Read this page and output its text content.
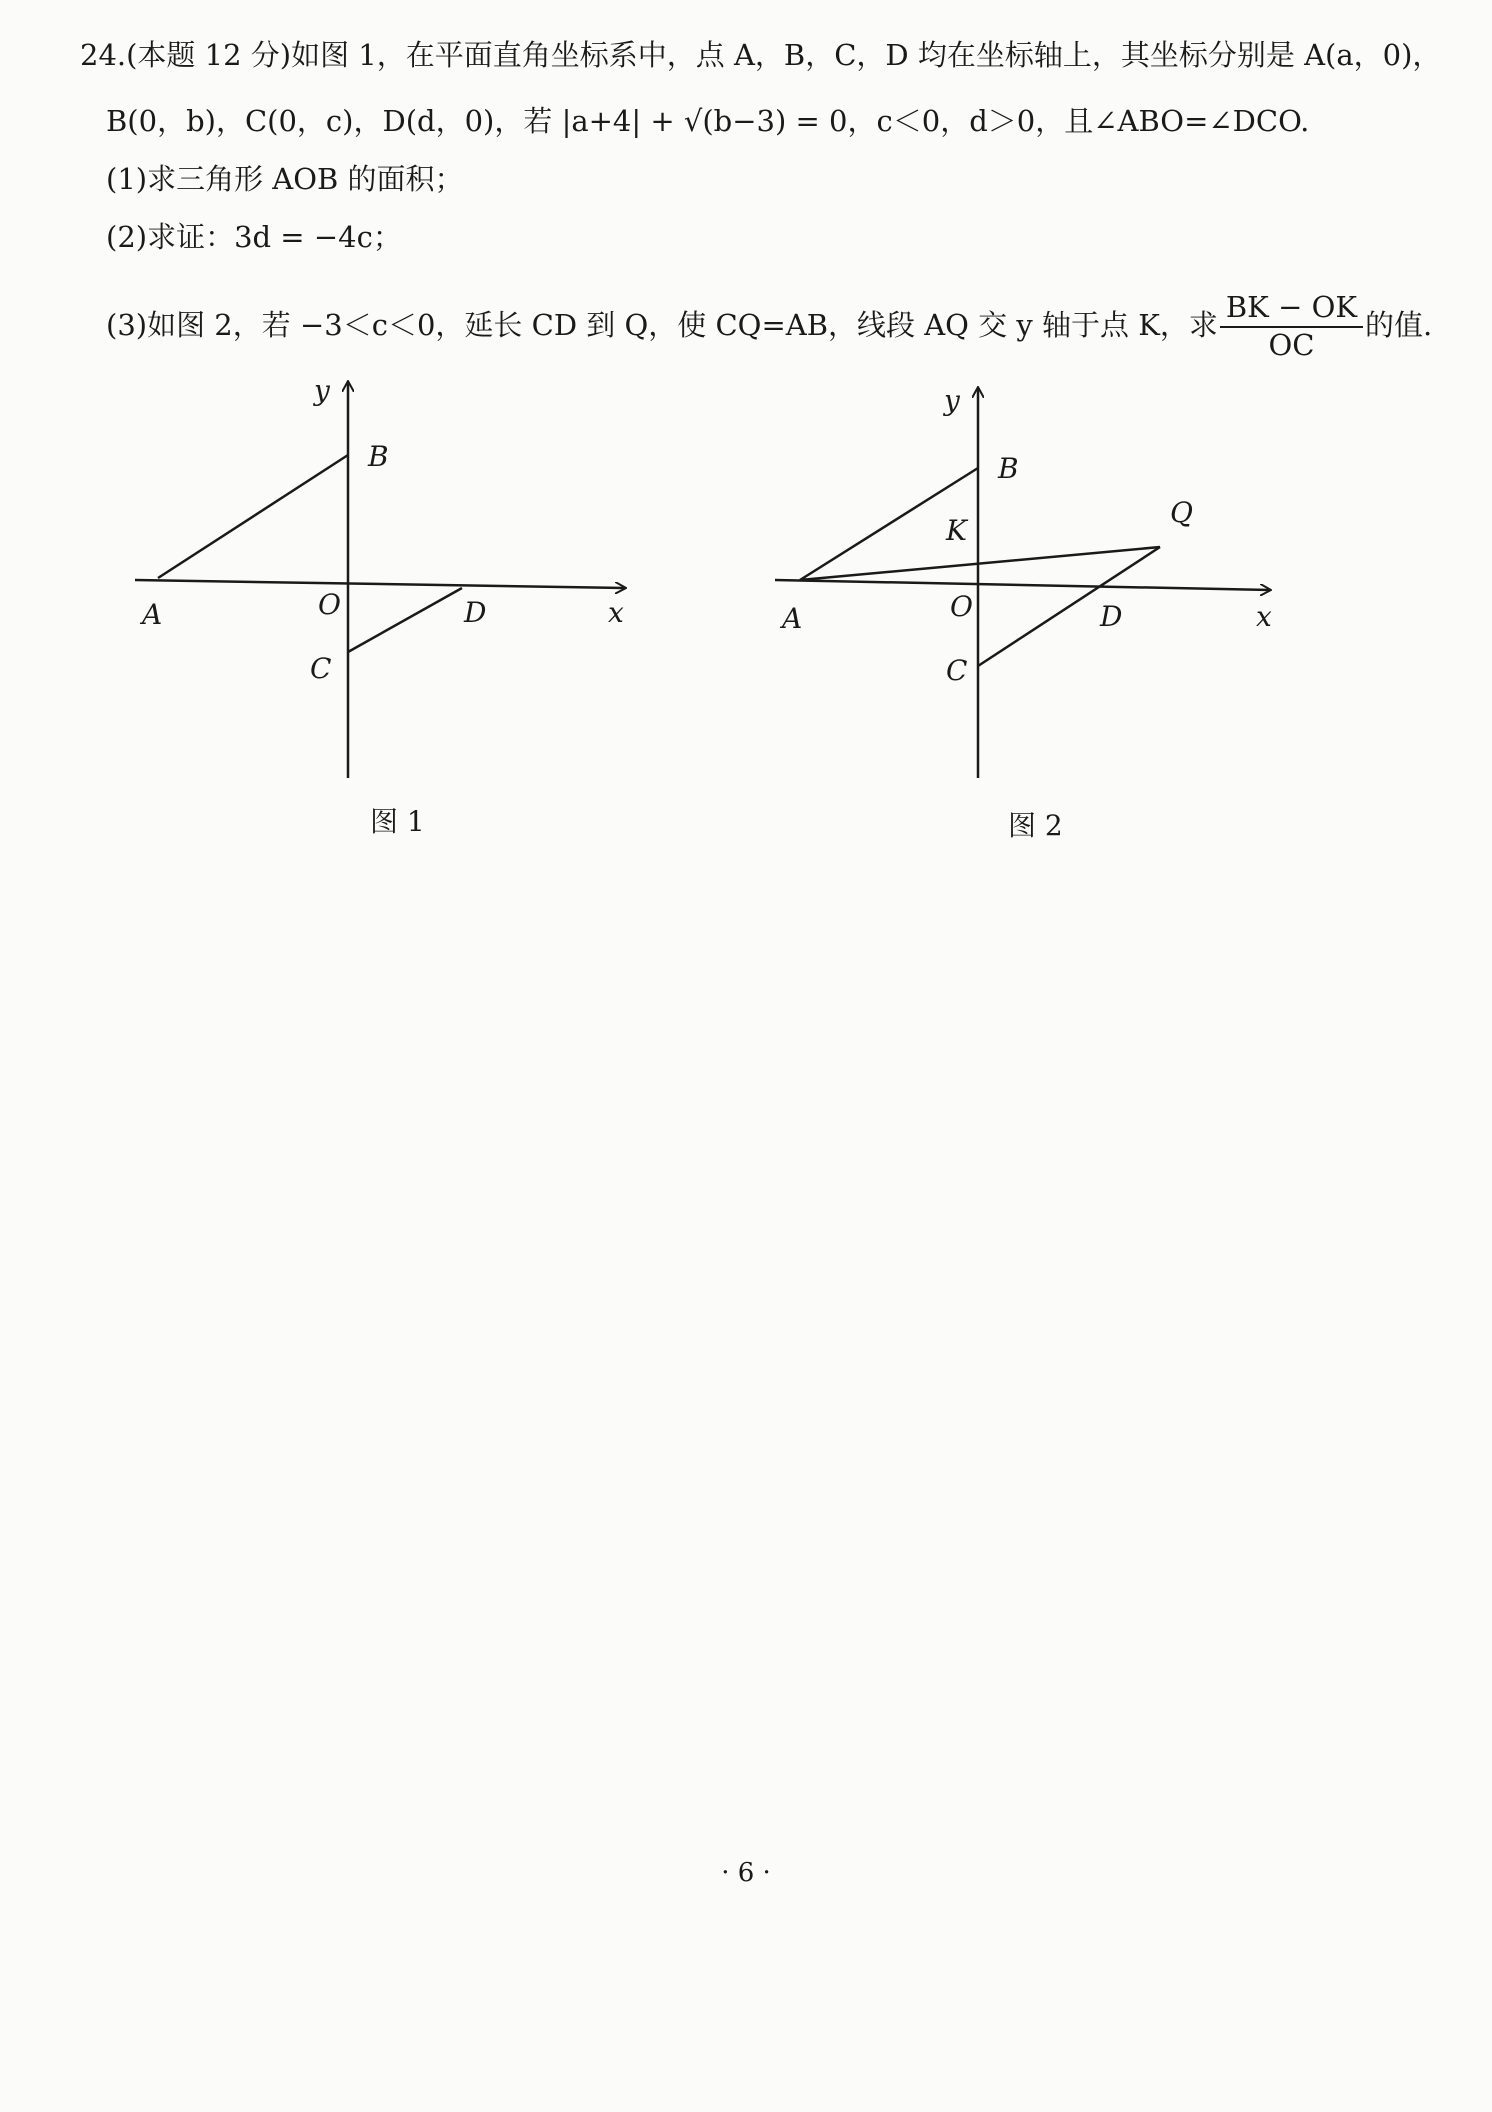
24.(本题 12 分)如图 1，在平面直角坐标系中，点 A，B，C，D 均在坐标轴上，其坐标分别是 A(a，0)，
B(0，b)，C(0，c)，D(d，0)，若 |a+4| + √(b−3) = 0，c＜0，d＞0，且∠ABO=∠DCO.
(1)求三角形 AOB 的面积；
(2)求证：3d = −4c；
(3)如图 2，若 −3＜c＜0，延长 CD 到 Q，使 CQ=AB，线段 AQ 交 y 轴于点 K，求 $\frac{BK - OK}{OC}$ 的值.
y
B
A	O	D	x
C
图 1
y
B
K
Q
A	O	D	x
C
图 2
· 6 ·
